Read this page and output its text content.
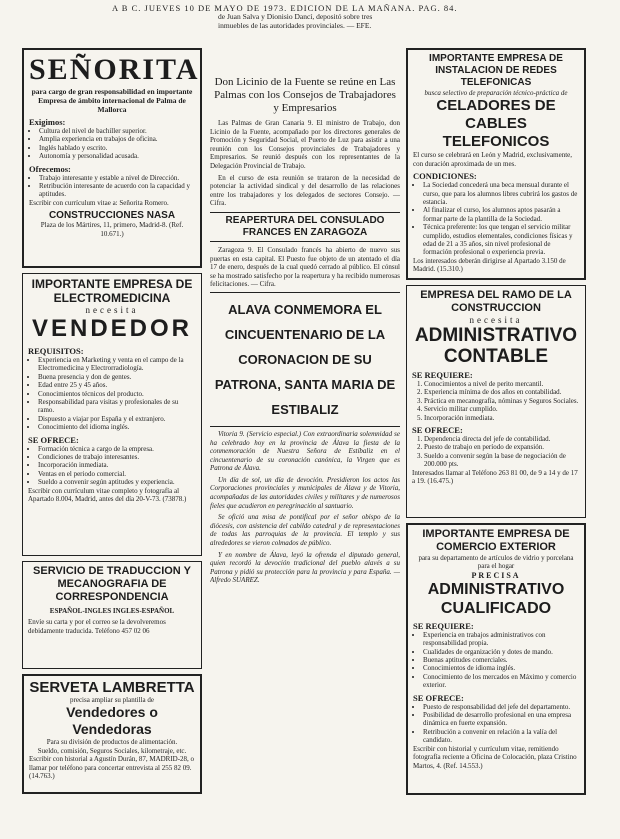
A B C. JUEVES 10 DE MAYO DE 1973. EDICION DE LA MAÑANA. PAG. 84.
de Juan Salva y Dionisio Dancí, depositó sobre tres inmuebles de las autoridades provinciales. — EFE.
SEÑORITA
para cargo de gran responsabilidad en importante Empresa de ámbito internacional de Palma de Mallorca
Exigimos:
• Cultura del nivel de bachiller superior.
• Amplia experiencia en trabajos de oficina.
• Inglés hablado y escrito.
• Autonomía y personalidad acusada.
Ofrecemos:
• Trabajo interesante y estable a nivel de Dirección.
• Retribución interesante de acuerdo con la capacidad y aptitudes.
Escribir con currículum vitae a: Señorita Romero.
CONSTRUCCIONES NASA
Plaza de los Mártires, 11, primero, Madrid-8. (Ref. 10.671.)
IMPORTANTE EMPRESA DE ELECTROMEDICINA
necesita
VENDEDOR
REQUISITOS:
• Experiencia en Marketing y venta en el campo de la Electromedicina y Electrorradiología.
• Buena presencia y don de gentes.
• Edad entre 25 y 45 años.
• Conocimientos técnicos del producto.
• Responsabilidad para visitas y profesionales de su ramo.
• Dispuesto a viajar por España y el extranjero.
• Conocimiento del idioma inglés.
SE OFRECE:
• Formación técnica a cargo de la empresa.
• Condiciones de trabajo interesantes.
• Incorporación inmediata.
• Ventas en el periodo comercial.
• Sueldo a convenir según aptitudes y experiencia.
Escribir con currículum vitae completo y fotografía al Apartado 8.004, Madrid, antes del día 20-V-73. (73878.)
SERVICIO DE TRADUCCION Y MECANOGRAFIA DE CORRESPONDENCIA
ESPAÑOL-INGLES INGLES-ESPAÑOL
Envíe su carta y por el correo se la devolveremos debidamente traducida. Teléfono 457 02 06
SERVETA LAMBRETTA
precisa ampliar su plantilla de
Vendedores o Vendedoras
Para su división de productos de alimentación.
Sueldo, comisión, Seguros Sociales, kilometraje, etc.
Escribir con historial a Agustín Durán, 87, MADRID-28, o llamar por teléfono para concertar entrevista al 255 82 09. (14.763.)
Don Licinio de la Fuente se reúne en Las Palmas con los Consejos de Trabajadores y Empresarios

Las Palmas de Gran Canaria 9. El ministro de Trabajo, don Licinio de la Fuente, acompañado por los directores generales de Promoción y Seguridad Social, el Puerto de Luz para asistir a una reunión con los Consejos provinciales de Trabajadores y Empresarios. Se reunió después con los representantes de la Delegación Provincial de Trabajo.

En el curso de esta reunión se trataron de la necesidad de potenciar la actividad sindical y del desarrollo de las relaciones entre los trabajadores y los delegados de sectores Consejo. — Cifra.

REAPERTURA DEL CONSULADO FRANCES EN ZARAGOZA

Zaragoza 9. El Consulado francés ha abierto de nuevo sus puertas en esta capital. El Puesto fue objeto de un atentado el día 17 de enero, después de la cual quedó cerrado al público. El cónsul se ha mostrado satisfecho por la reapertura y ha recibido numerosas felicitaciones. — Cifra.

ALAVA CONMEMORA EL CINCUENTENARIO DE LA CORONACION DE SU PATRONA, SANTA MARIA DE ESTIBALIZ

Vitoria 9. (Servicio especial.) Con extraordinaria solemnidad se ha celebrado hoy en la provincia de Álava la fiesta de la conmemoración de Nuestra Señora de Estíbaliz en el cincuentenario de su coronación canónica, la Virgen que es Patrona de Álava.

Un día de sol, un día de devoción. Presidieron los actos las Corporaciones provinciales y municipales de Álava y de Vitoria, acompañadas de las autoridades civiles y militares y de numerosos fieles que acudieron en peregrinación al santuario.

Se ofició una misa de pontifical por el señor obispo de la diócesis, con asistencia del cabildo catedral y de representaciones de todas las parroquias de la provincia. El templo y sus alrededores se vieron colmados de público.

Y en nombre de Álava, leyó la ofrenda el diputado general, quien recordó la devoción tradicional del pueblo alavés a su Patrona y pidió su protección para la provincia y para España. — Alfredo SUAREZ.

IMPORTANTE EMPRESA DE INSTALACION DE REDES TELEFONICAS
busca selectivo de preparación técnico-práctica de
CELADORES DE CABLES TELEFONICOS
El curso se celebrará en León y Madrid, exclusivamente, con duración aproximada de un mes.
CONDICIONES:
• La Sociedad concederá una beca mensual durante el curso, que para los alumnos libres cubrirá los gastos de estancia.
• Al finalizar el curso, los alumnos aptos pasarán a formar parte de la plantilla de la Sociedad.
• Técnica preferente: los que tengan el servicio militar cumplido, estudios elementales, condiciones físicas y edad de 21 a 35 años, sin nivel profesional de formación profesional o experiencia previa.
Los interesados deberán dirigirse al Apartado 3.150 de Madrid. (15.310.)
EMPRESA DEL RAMO DE LA CONSTRUCCION
necesita
ADMINISTRATIVO CONTABLE
SE REQUIERE:
1. Conocimientos a nivel de perito mercantil.
2. Experiencia mínima de dos años en contabilidad.
3. Práctica en mecanografía, nóminas y Seguros Sociales.
4. Servicio militar cumplido.
5. Incorporación inmediata.
SE OFRECE:
1. Dependencia directa del jefe de contabilidad.
2. Puesto de trabajo en período de expansión.
3. Sueldo a convenir según la base de negociación de 200.000 pts.
Interesados llamar al Teléfono 263 81 00, de 9 a 14 y de 17 a 19. (16.475.)
IMPORTANTE EMPRESA DE COMERCIO EXTERIOR
para su departamento de artículos de vidrio y porcelana para el hogar
PRECISA
ADMINISTRATIVO CUALIFICADO
SE REQUIERE:
• Experiencia en trabajos administrativos con responsabilidad propia.
• Cualidades de organización y dotes de mando.
• Buenas aptitudes comerciales.
• Conocimientos de idioma inglés.
• Conocimiento de los mercados en Máximo y comercio exterior.
SE OFRECE:
• Puesto de responsabilidad del jefe del departamento.
• Posibilidad de desarrollo profesional en una empresa dinámica en fuerte expansión.
• Retribución a convenir en relación a la valía del candidato.
Escribir con historial y currículum vitae, remitiendo fotografía reciente a Oficina de Colocación, plaza Cristino Martos, 4. (Ref. 14.553.)
